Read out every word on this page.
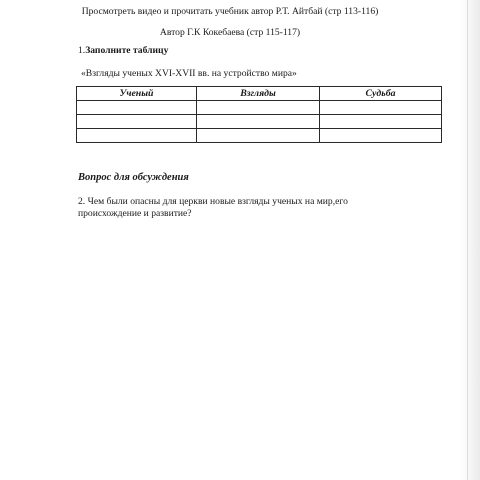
Просмотреть видео и прочитать учебник автор Р.Т. Айтбай (стр 113-116)
Автор Г.К Кокебаева (стр 115-117)
1.Заполните таблицу
«Взгляды ученых XVI-XVII вв. на устройство мира»
Ученый	Взгляды	Судьба

Вопрос для обсуждения
2. Чем были опасны для церкви новые взгляды ученых на мир,его
происхождение и развитие?
